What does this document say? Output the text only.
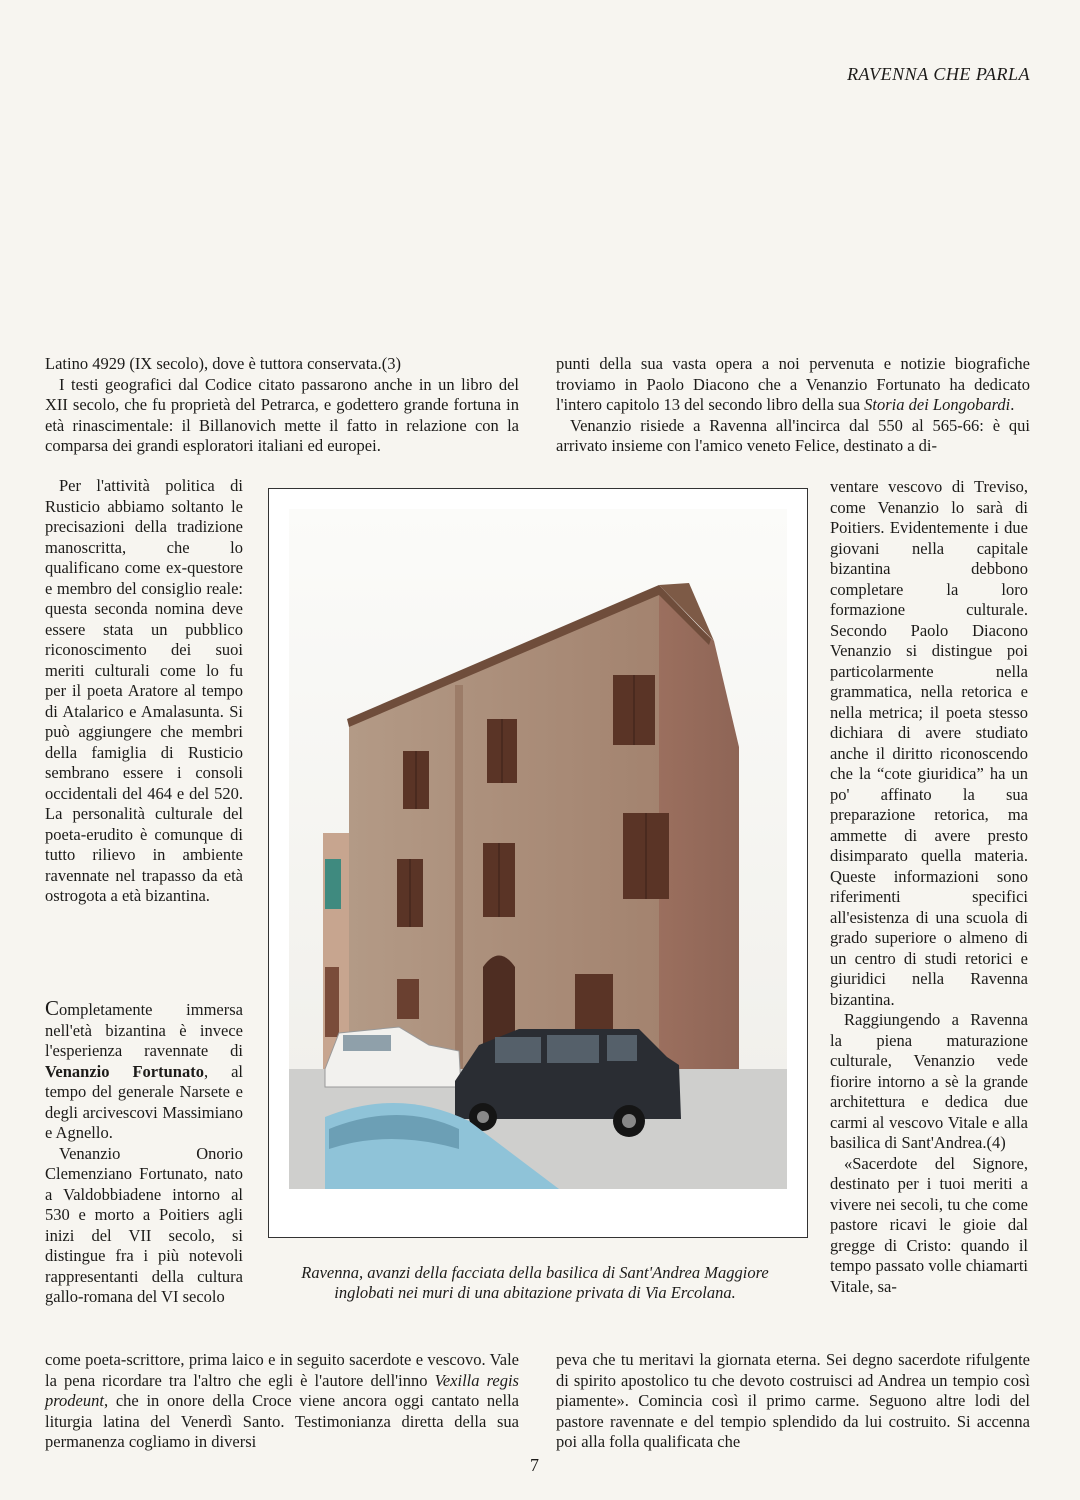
RAVENNA CHE PARLA

Latino 4929 (IX secolo), dove è tuttora conservata.(3)

I testi geografici dal Codice citato passarono anche in un libro del XII secolo, che fu proprietà del Petrarca, e godettero grande fortuna in età rinascimentale: il Billanovich mette il fatto in relazione con la comparsa dei grandi esploratori italiani ed europei.

Per l'attività politica di Rusticio abbiamo soltanto le precisazioni della tradizione manoscritta, che lo qualificano come ex-questore e membro del consiglio reale: questa seconda nomina deve essere stata un pubblico riconoscimento dei suoi meriti culturali come lo fu per il poeta Aratore al tempo di Atalarico e Amalasunta. Si può aggiungere che membri della famiglia di Rusticio sembrano essere i consoli occidentali del 464 e del 520. La personalità culturale del poeta-erudito è comunque di tutto rilievo in ambiente ravennate nel trapasso da età ostrogota a età bizantina.

Completamente immersa nell'età bizantina è invece l'esperienza ravennate di Venanzio Fortunato, al tempo del generale Narsete e degli arcivescovi Massimiano e Agnello.

Venanzio Onorio Clemenziano Fortunato, nato a Valdobbiadene intorno al 530 e morto a Poitiers agli inizi del VII secolo, si distingue fra i più notevoli rappresentanti della cultura gallo-romana del VI secolo

come poeta-scrittore, prima laico e in seguito sacerdote e vescovo. Vale la pena ricordare tra l'altro che egli è l'autore dell'inno Vexilla regis prodeunt, che in onore della Croce viene ancora oggi cantato nella liturgia latina del Venerdì Santo. Testimonianza diretta della sua permanenza cogliamo in diversi

punti della sua vasta opera a noi pervenuta e notizie biografiche troviamo in Paolo Diacono che a Venanzio Fortunato ha dedicato l'intero capitolo 13 del secondo libro della sua Storia dei Longobardi.

Venanzio risiede a Ravenna all'incirca dal 550 al 565-66: è qui arrivato insieme con l'amico veneto Felice, destinato a di-

ventare vescovo di Treviso, come Venanzio lo sarà di Poitiers. Evidentemente i due giovani nella capitale bizantina debbono completare la loro formazione culturale. Secondo Paolo Diacono Venanzio si distingue poi particolarmente nella grammatica, nella retorica e nella metrica; il poeta stesso dichiara di avere studiato anche il diritto riconoscendo che la “cote giuridica” ha un po' affinato la sua preparazione retorica, ma ammette di avere presto disimparato quella materia. Queste informazioni sono riferimenti specifici all'esistenza di una scuola di grado superiore o almeno di un centro di studi retorici e giuridici nella Ravenna bizantina.

Raggiungendo a Ravenna la piena maturazione culturale, Venanzio vede fiorire intorno a sè la grande architettura e dedica due carmi al vescovo Vitale e alla basilica di Sant'Andrea.(4)

«Sacerdote del Signore, destinato per i tuoi meriti a vivere nei secoli, tu che come pastore ricavi le gioie dal gregge di Cristo: quando il tempo passato volle chiamarti Vitale, sa-

peva che tu meritavi la giornata eterna. Sei degno sacerdote rifulgente di spirito apostolico tu che devoto costruisci ad Andrea un tempio così piamente». Comincia così il primo carme. Seguono altre lodi del pastore ravennate e del tempio splendido da lui costruito. Si accenna poi alla folla qualificata che

Ravenna, avanzi della facciata della basilica di Sant'Andrea Maggiore inglobati nei muri di una abitazione privata di Via Ercolana.
7
